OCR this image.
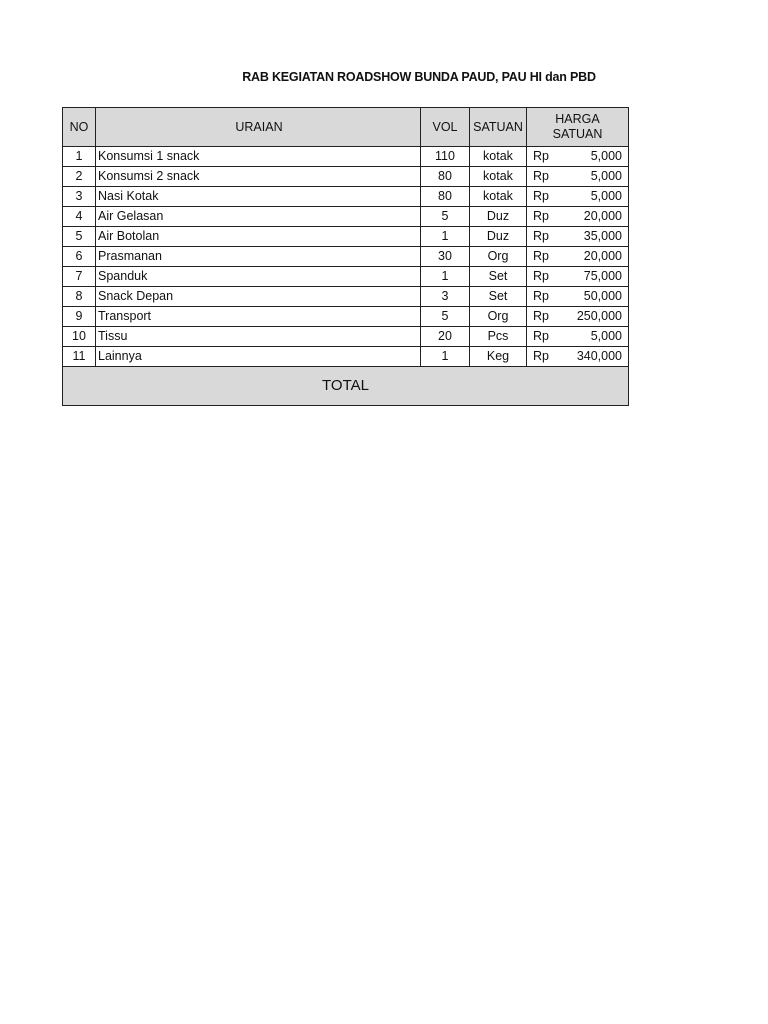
RAB KEGIATAN ROADSHOW BUNDA PAUD, PAU HI dan PBD
NO	URAIAN	VOL	SATUAN	HARGA
SATUAN

1	Konsumsi 1 snack	110	kotak	Rp 5,000

2	Konsumsi 2 snack	80	kotak	Rp 5,000

3	Nasi Kotak	80	kotak	Rp 5,000

4	Air Gelasan	5	Duz	Rp 20,000

5	Air Botolan	1	Duz	Rp 35,000

6	Prasmanan	30	Org	Rp 20,000

7	Spanduk	1	Set	Rp 75,000

8	Snack Depan	3	Set	Rp 50,000

9	Transport	5	Org	Rp 250,000

10	Tissu	20	Pcs	Rp 5,000

11	Lainnya	1	Keg	Rp 340,000

TOTAL				
